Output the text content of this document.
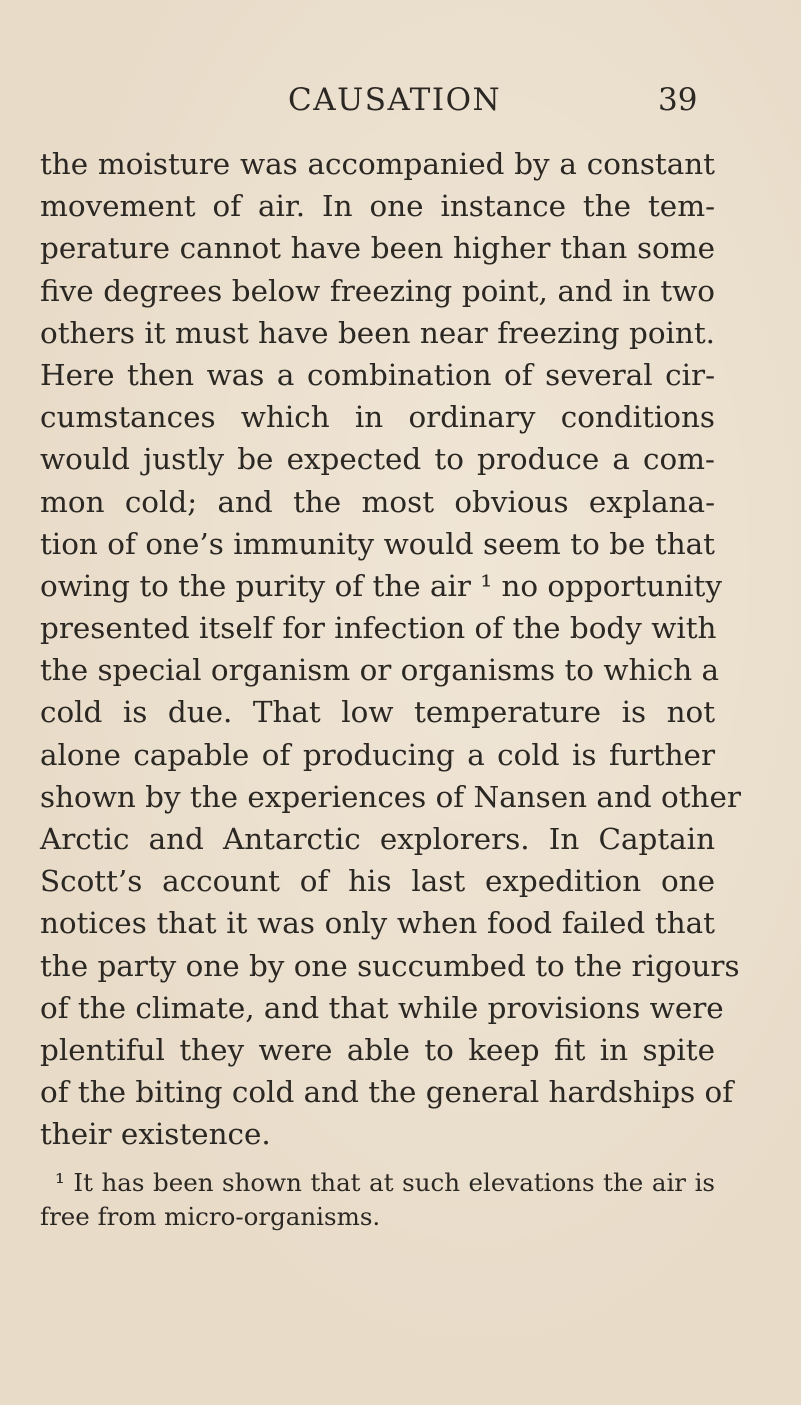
CAUSATION	39
the moisture was accompanied by a constant
movement of air. In one instance the tem-
perature cannot have been higher than some
five degrees below freezing point, and in two
others it must have been near freezing point.
Here then was a combination of several cir-
cumstances which in ordinary conditions
would justly be expected to produce a com-
mon cold; and the most obvious explana-
tion of one’s immunity would seem to be that
owing to the purity of the air ¹ no opportunity
presented itself for infection of the body with
the special organism or organisms to which a
cold is due. That low temperature is not
alone capable of producing a cold is further
shown by the experiences of Nansen and other
Arctic and Antarctic explorers. In Captain
Scott’s account of his last expedition one
notices that it was only when food failed that
the party one by one succumbed to the rigours
of the climate, and that while provisions were
plentiful they were able to keep fit in spite
of the biting cold and the general hardships of
their existence.
¹ It has been shown that at such elevations the air is
free from micro-organisms.
